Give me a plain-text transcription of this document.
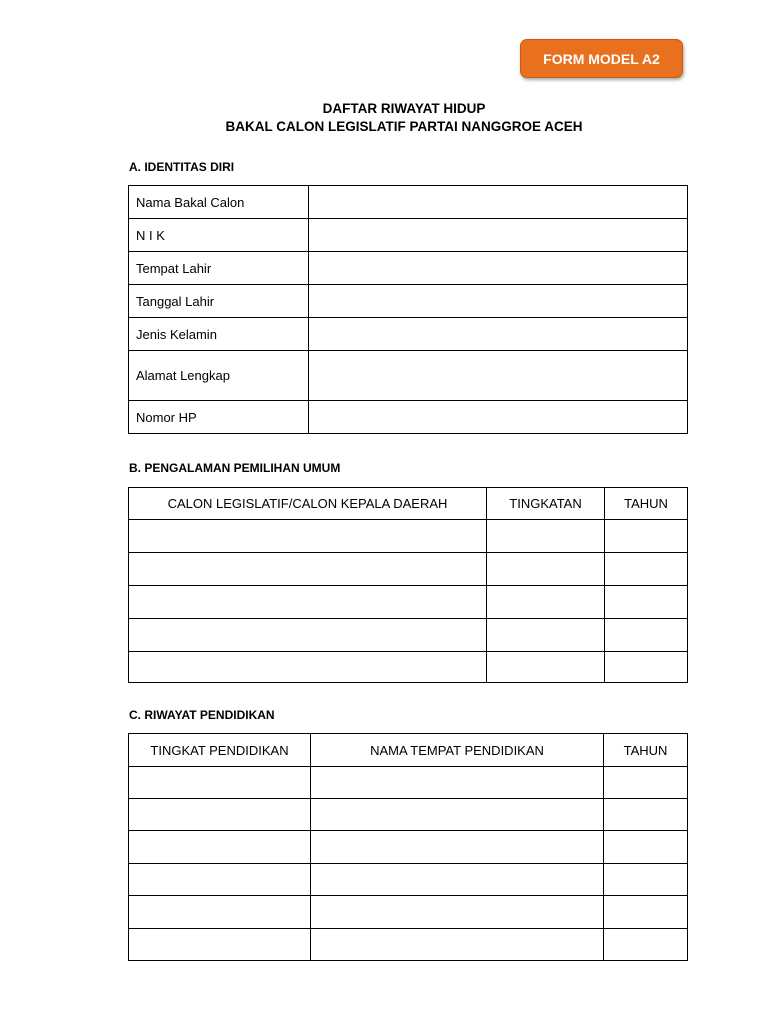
FORM MODEL A2
DAFTAR RIWAYAT HIDUP
BAKAL CALON LEGISLATIF PARTAI NANGGROE ACEH
A. IDENTITAS DIRI
Nama Bakal Calon	
N I K	
Tempat Lahir	
Tanggal Lahir	
Jenis Kelamin	
Alamat Lengkap	
Nomor HP	
B. PENGALAMAN PEMILIHAN UMUM
CALON LEGISLATIF/CALON KEPALA DAERAH	TINGKATAN	TAHUN

C. RIWAYAT PENDIDIKAN
TINGKAT PENDIDIKAN	NAMA TEMPAT PENDIDIKAN	TAHUN
